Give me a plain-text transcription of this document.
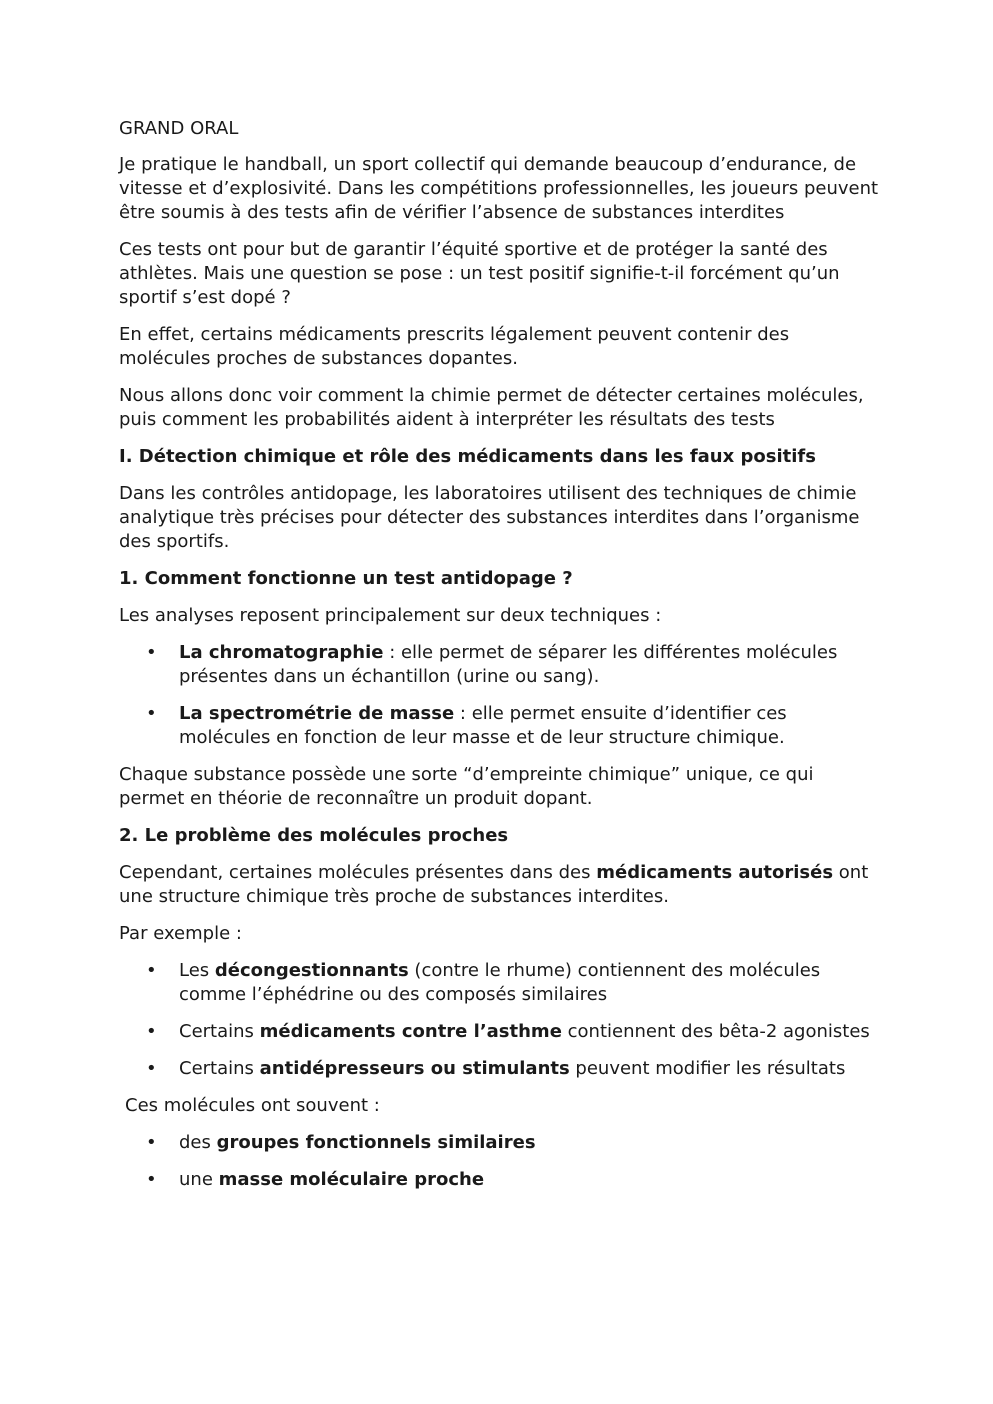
GRAND ORAL

Je pratique le handball, un sport collectif qui demande beaucoup d’endurance, de vitesse et d’explosivité. Dans les compétitions professionnelles, les joueurs peuvent être soumis à des tests afin de vérifier l’absence de substances interdites

Ces tests ont pour but de garantir l’équité sportive et de protéger la santé des athlètes. Mais une question se pose : un test positif signifie-t-il forcément qu’un sportif s’est dopé ?

En effet, certains médicaments prescrits légalement peuvent contenir des molécules proches de substances dopantes.

Nous allons donc voir comment la chimie permet de détecter certaines molécules, puis comment les probabilités aident à interpréter les résultats des tests

I. Détection chimique et rôle des médicaments dans les faux positifs

Dans les contrôles antidopage, les laboratoires utilisent des techniques de chimie analytique très précises pour détecter des substances interdites dans l’organisme des sportifs.

1. Comment fonctionne un test antidopage ?

Les analyses reposent principalement sur deux techniques :

• La chromatographie : elle permet de séparer les différentes molécules présentes dans un échantillon (urine ou sang).
• La spectrométrie de masse : elle permet ensuite d’identifier ces molécules en fonction de leur masse et de leur structure chimique.

Chaque substance possède une sorte “d’empreinte chimique” unique, ce qui permet en théorie de reconnaître un produit dopant.

2. Le problème des molécules proches

Cependant, certaines molécules présentes dans des médicaments autorisés ont une structure chimique très proche de substances interdites.

Par exemple :

• Les décongestionnants (contre le rhume) contiennent des molécules comme l’éphédrine ou des composés similaires
• Certains médicaments contre l’asthme contiennent des bêta-2 agonistes
• Certains antidépresseurs ou stimulants peuvent modifier les résultats

Ces molécules ont souvent :

• des groupes fonctionnels similaires
• une masse moléculaire proche
